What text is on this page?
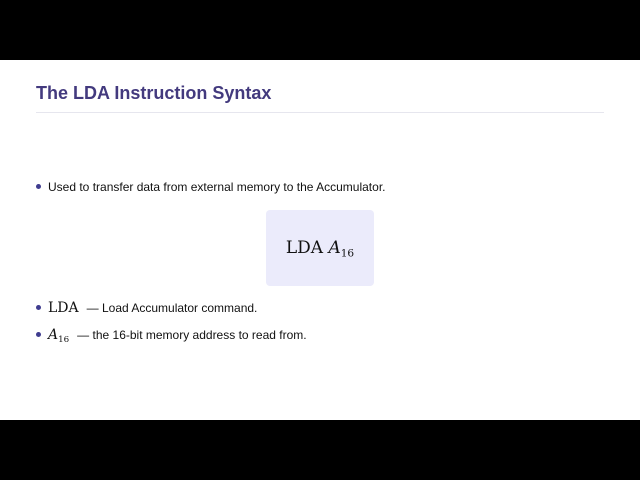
The LDA Instruction Syntax
Used to transfer data from external memory to the Accumulator.
LDA $A_{16}$
LDA — Load Accumulator command.
$A_{16}$ — the 16-bit memory address to read from.
